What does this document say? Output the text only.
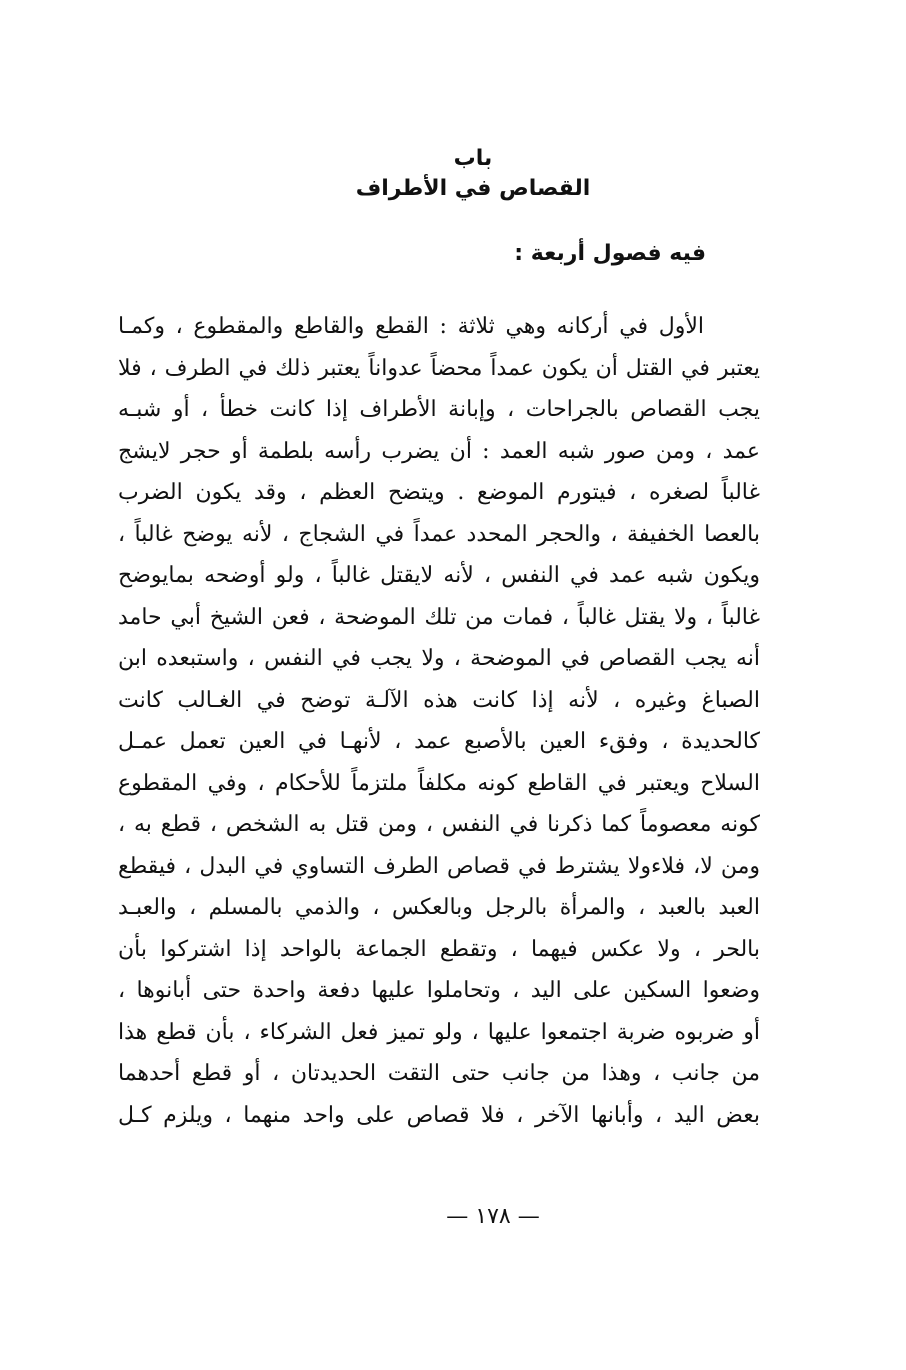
باب
القصاص في الأطراف
فيه فصول أربعة :
الأول في أركانه وهي ثلاثة : القطع والقاطع والمقطوع ، وكمـا
يعتبر في القتل أن يكون عمداً محضاً عدواناً يعتبر ذلك في الطرف ، فلا
يجب القصاص بالجراحات ، وإبانة الأطراف إذا كانت خطأ ، أو شبـه
عمد ، ومن صور شبه العمد : أن يضرب رأسه بلطمة أو حجر لايشج
غالباً لصغره ، فيتورم الموضع . ويتضح العظم ، وقد يكون الضرب
بالعصا الخفيفة ، والحجر المحدد عمداً في الشجاج ، لأنه يوضح غالباً ،
ويكون شبه عمد في النفس ، لأنه لايقتل غالباً ، ولو أوضحه بمايوضح
غالباً ، ولا يقتل غالباً ، فمات من تلك الموضحة ، فعن الشيخ أبي حامد
أنه يجب القصاص في الموضحة ، ولا يجب في النفس ، واستبعده ابن
الصباغ وغيره ، لأنه إذا كانت هذه الآلـة توضح في الغـالب كانت
كالحديدة ، وفقء العين بالأصبع عمد ، لأنهـا في العين تعمل عمـل
السلاح ويعتبر في القاطع كونه مكلفاً ملتزماً للأحكام ، وفي المقطوع
كونه معصوماً كما ذكرنا في النفس ، ومن قتل به الشخص ، قطع به ،
ومن لا، فلاءولا يشترط في قصاص الطرف التساوي في البدل ، فيقطع
العبد بالعبد ، والمرأة بالرجل وبالعكس ، والذمي بالمسلم ، والعبـد
بالحر ، ولا عكس فيهما ، وتقطع الجماعة بالواحد إذا اشتركوا بأن
وضعوا السكين على اليد ، وتحاملوا عليها دفعة واحدة حتى أبانوها ،
أو ضربوه ضربة اجتمعوا عليها ، ولو تميز فعل الشركاء ، بأن قطع هذا
من جانب ، وهذا من جانب حتى التقت الحديدتان ، أو قطع أحدهما
بعض اليد ، وأبانها الآخر ، فلا قصاص على واحد منهما ، ويلزم كـل
— ١٧٨ —
